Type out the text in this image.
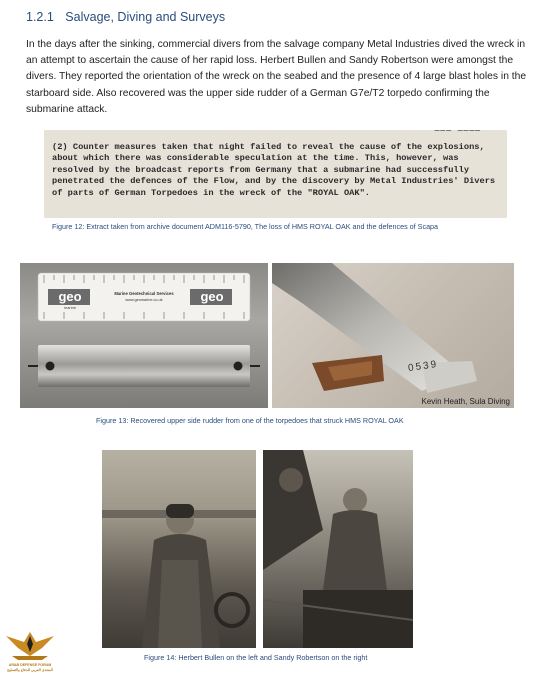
1.2.1 Salvage, Diving and Surveys
In the days after the sinking, commercial divers from the salvage company Metal Industries dived the wreck in an attempt to ascertain the cause of her rapid loss. Herbert Bullen and Sandy Robertson were amongst the divers. They reported the orientation of the wreck on the seabed and the presence of 4 large blast holes in the starboard side. Also recovered was the upper side rudder of a German G7e/T2 torpedo confirming the submarine attack.
▔▔▔ ▔▔▔▔
(2) Counter measures taken that night failed to reveal the cause of the explosions, about which there was considerable speculation at the time. This, however, was resolved by the broadcast reports from Germany that a submarine had successfully penetrated the defences of the Flow, and by the discovery by Metal Industries' Divers of parts of German Torpedoes in the wreck of the "ROYAL OAK".
Figure 12: Extract taken from archive document ADM116-5790, The loss of HMS ROYAL OAK and the defences of Scapa
geo	geo
marine
Marine Geotechnical Services
www.geomarine.co.uk
0539
Kevin Heath, Sula Diving
Figure 13: Recovered upper side rudder from one of the torpedoes that struck HMS ROYAL OAK
Figure 14: Herbert Bullen on the left and Sandy Robertson on the right
ARAB DEFENSE FORUM
المنتدى العربي للدفاع والتسليح
